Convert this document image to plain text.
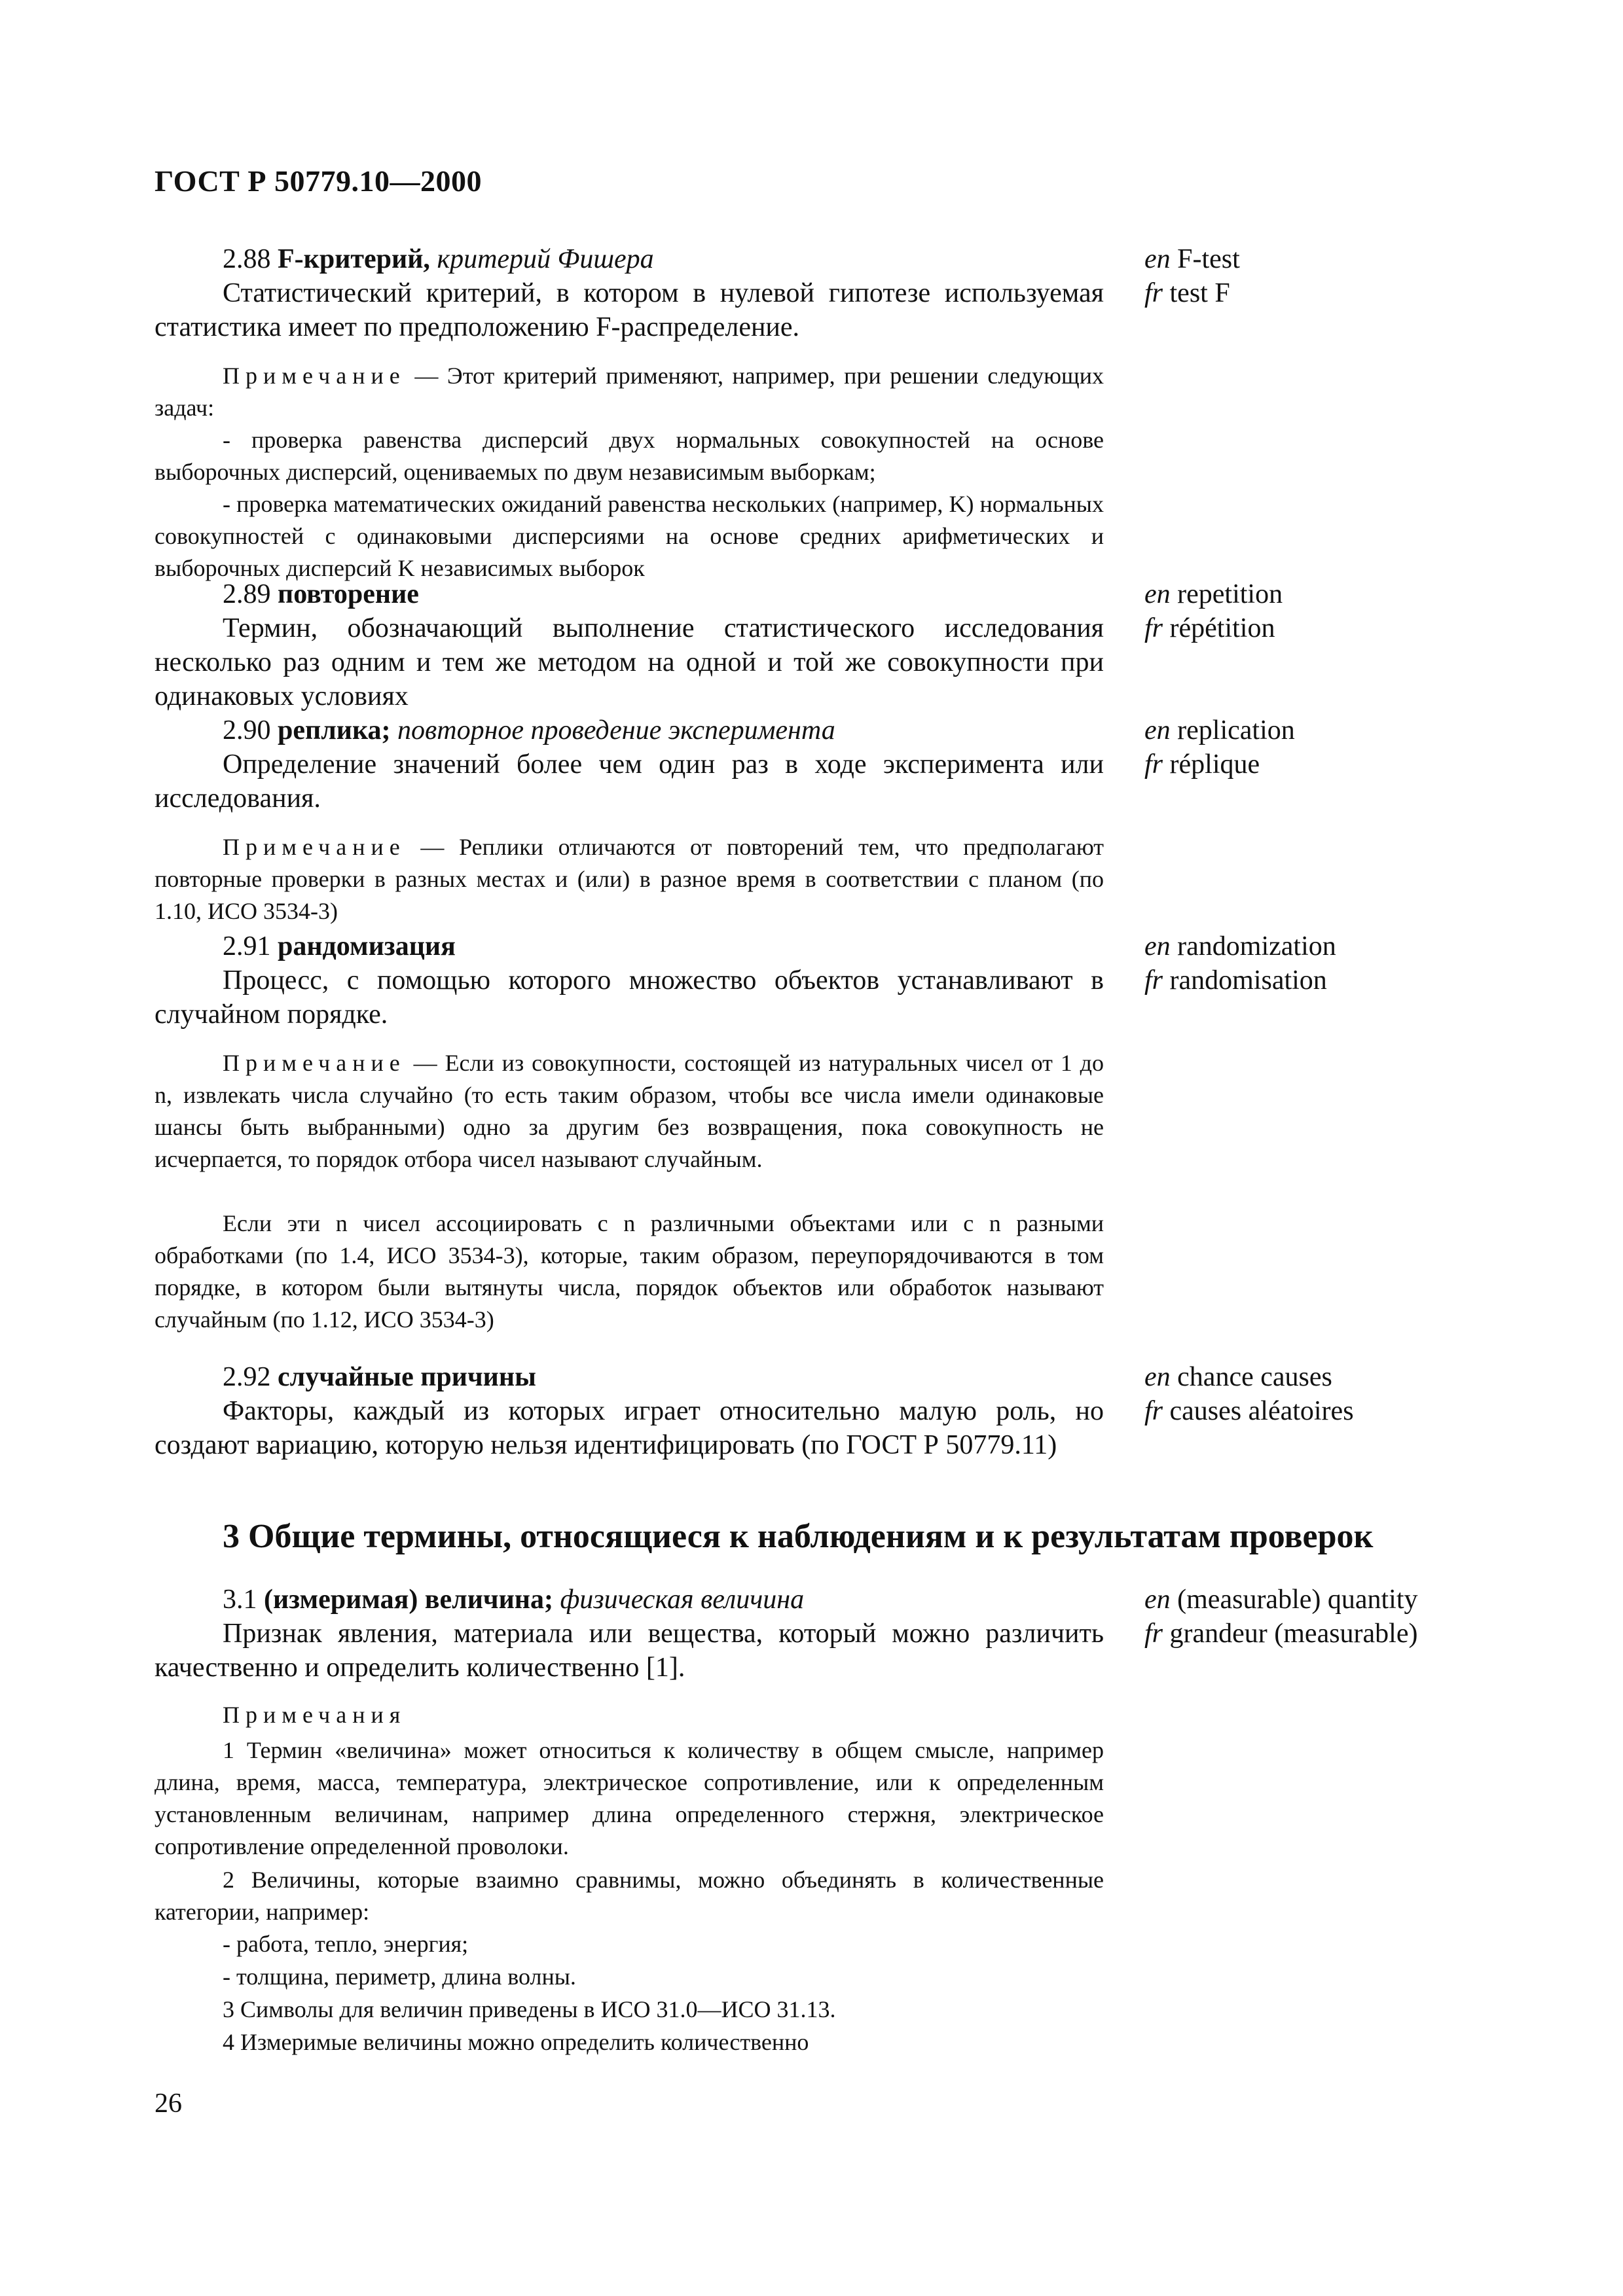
ГОСТ Р 50779.10—2000
2.88 F-критерий, критерий Фишера

Статистический критерий, в котором в нулевой гипотезе используемая статистика имеет по предположению F-распределение.

en F-test
fr test F

Примечание — Этот критерий применяют, например, при решении следующих задач:

- проверка равенства дисперсий двух нормальных совокупностей на основе выборочных дисперсий, оцениваемых по двум независимым выборкам;

- проверка математических ожиданий равенства нескольких (например, K) нормальных совокупностей с одинаковыми дисперсиями на основе средних арифметических и выборочных дисперсий K независимых выборок

2.89 повторение

Термин, обозначающий выполнение статистического исследования несколько раз одним и тем же методом на одной и той же совокупности при одинаковых условиях

en repetition
fr répétition
2.90 реплика; повторное проведение эксперимента

Определение значений более чем один раз в ходе эксперимента или исследования.

en replication
fr réplique

Примечание — Реплики отличаются от повторений тем, что предполагают повторные проверки в разных местах и (или) в разное время в соответствии с планом (по 1.10, ИСО 3534-3)

2.91 рандомизация

Процесс, с помощью которого множество объектов устанавливают в случайном порядке.

en randomization
fr randomisation

Примечание — Если из совокупности, состоящей из натуральных чисел от 1 до n, извлекать числа случайно (то есть таким образом, чтобы все числа имели одинаковые шансы быть выбранными) одно за другим без возвращения, пока совокупность не исчерпается, то порядок отбора чисел называют случайным.

Если эти n чисел ассоциировать с n различными объектами или с n разными обработками (по 1.4, ИСО 3534-3), которые, таким образом, переупорядочиваются в том порядке, в котором были вытянуты числа, порядок объектов или обработок называют случайным (по 1.12, ИСО 3534-3)

2.92 случайные причины

Факторы, каждый из которых играет относительно малую роль, но создают вариацию, которую нельзя идентифицировать (по ГОСТ Р 50779.11)

en chance causes
fr causes aléatoires
3 Общие термины, относящиеся к наблюдениям и к результатам проверок
3.1 (измеримая) величина; физическая величина

Признак явления, материала или вещества, который можно различить качественно и определить количественно [1].

en (measurable) quantity
fr grandeur (measurable)

Примечания

1 Термин «величина» может относиться к количеству в общем смысле, например длина, время, масса, температура, электрическое сопротивление, или к определенным установленным величинам, например длина определенного стержня, электрическое сопротивление определенной проволоки.

2 Величины, которые взаимно сравнимы, можно объединять в количественные категории, например:

- работа, тепло, энергия;

- толщина, периметр, длина волны.

3 Символы для величин приведены в ИСО 31.0—ИСО 31.13.

4 Измеримые величины можно определить количественно

26
